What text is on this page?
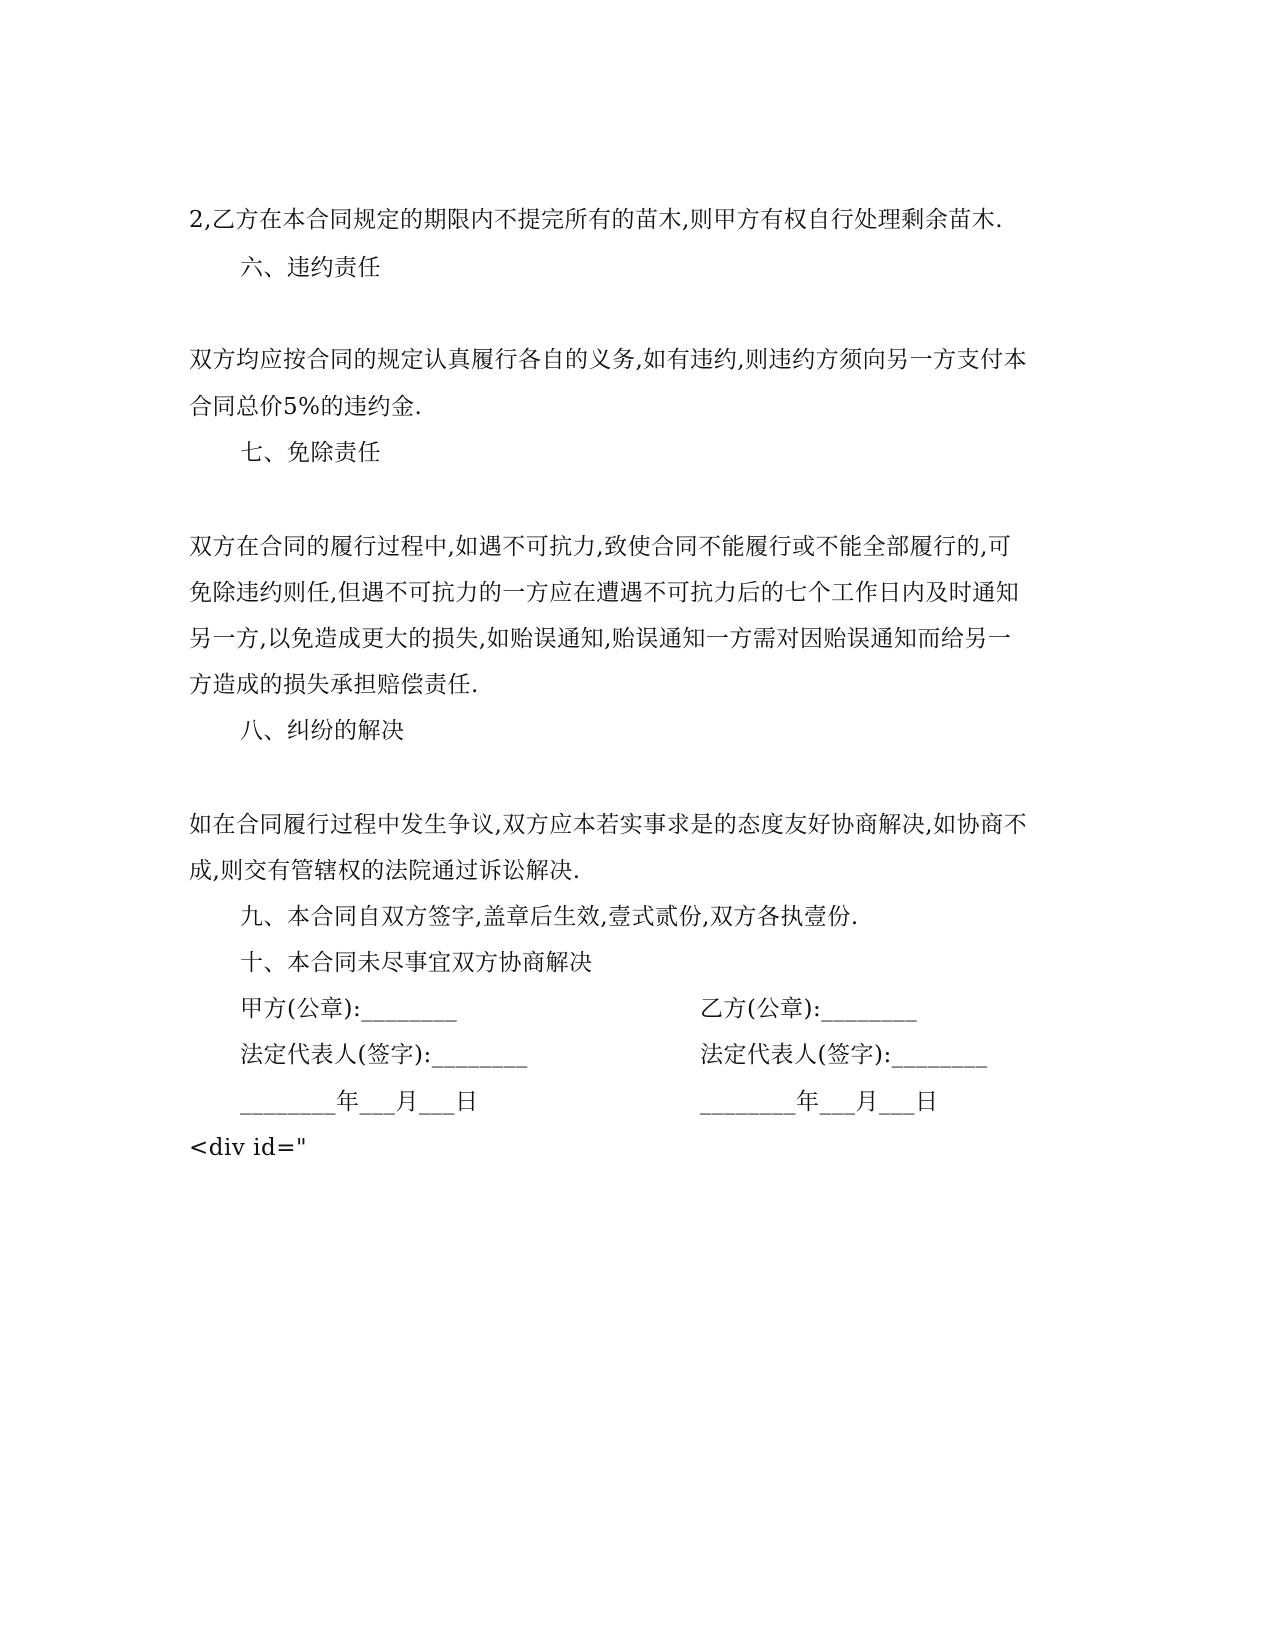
2,乙方在本合同规定的期限内不提完所有的苗木,则甲方有权自行处理剩余苗木.
六、违约责任
双方均应按合同的规定认真履行各自的义务,如有违约,则违约方须向另一方支付本
合同总价5%的违约金.
七、免除责任
双方在合同的履行过程中,如遇不可抗力,致使合同不能履行或不能全部履行的,可
免除违约则任,但遇不可抗力的一方应在遭遇不可抗力后的七个工作日内及时通知
另一方,以免造成更大的损失,如贻误通知,贻误通知一方需对因贻误通知而给另一
方造成的损失承担赔偿责任.
八、纠纷的解决
如在合同履行过程中发生争议,双方应本若实事求是的态度友好协商解决,如协商不
成,则交有管辖权的法院通过诉讼解决.
九、本合同自双方签字,盖章后生效,壹式贰份,双方各执壹份.
十、本合同未尽事宜双方协商解决
甲方(公章):________	乙方(公章):________
法定代表人(签字):________	法定代表人(签字):________
________年___月___日	________年___月___日
<div id="
